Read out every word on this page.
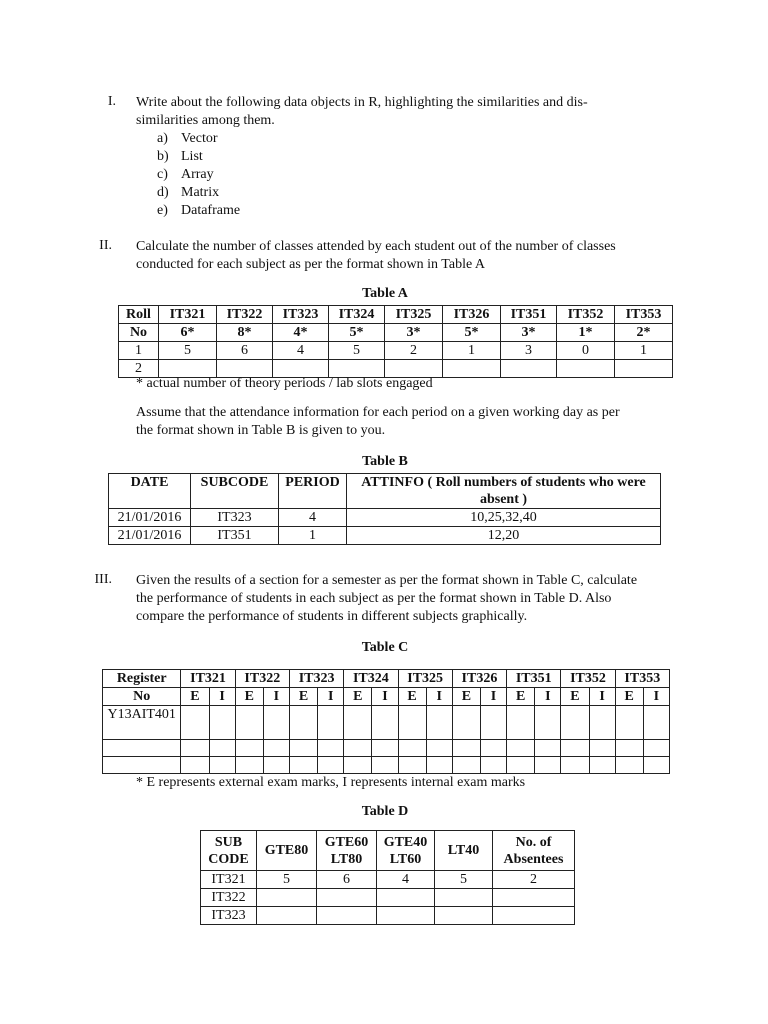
I. Write about the following data objects in R, highlighting the similarities and dis-
similarities among them.
a) Vector
b) List
c) Array
d) Matrix
e) Dataframe
II. Calculate the number of classes attended by each student out of the number of classes
conducted for each subject as per the format shown in Table A
Table A
Roll	IT321	IT322	IT323	IT324	IT325	IT326	IT351	IT352	IT353
No	6*	8*	4*	5*	3*	5*	3*	1*	2*
1	5	6	4	5	2	1	3	0	1
2									
* actual number of theory periods / lab slots engaged
Assume that the attendance information for each period on a given working day as per
the format shown in Table B is given to you.
Table B
DATE	SUBCODE	PERIOD	ATTINFO ( Roll numbers of students who were absent )
21/01/2016	IT323	4	10,25,32,40
21/01/2016	IT351	1	12,20
III. Given the results of a section for a semester as per the format shown in Table C, calculate
the performance of students in each subject as per the format shown in Table D. Also
compare the performance of students in different subjects graphically.
Table C
Register	IT321		IT322		IT323		IT324		IT325		IT326		IT351		IT352		IT353	
No	E	I	E	I	E	I	E	I	E	I	E	I	E	I	E	I	E	I
Y13AIT401																		

* E represents external exam marks, I represents internal exam marks
Table D
SUB CODE	GTE80	GTE60 LT80	GTE40 LT60	LT40	No. of Absentees
IT321	5	6	4	5	2
IT322					
IT323					
